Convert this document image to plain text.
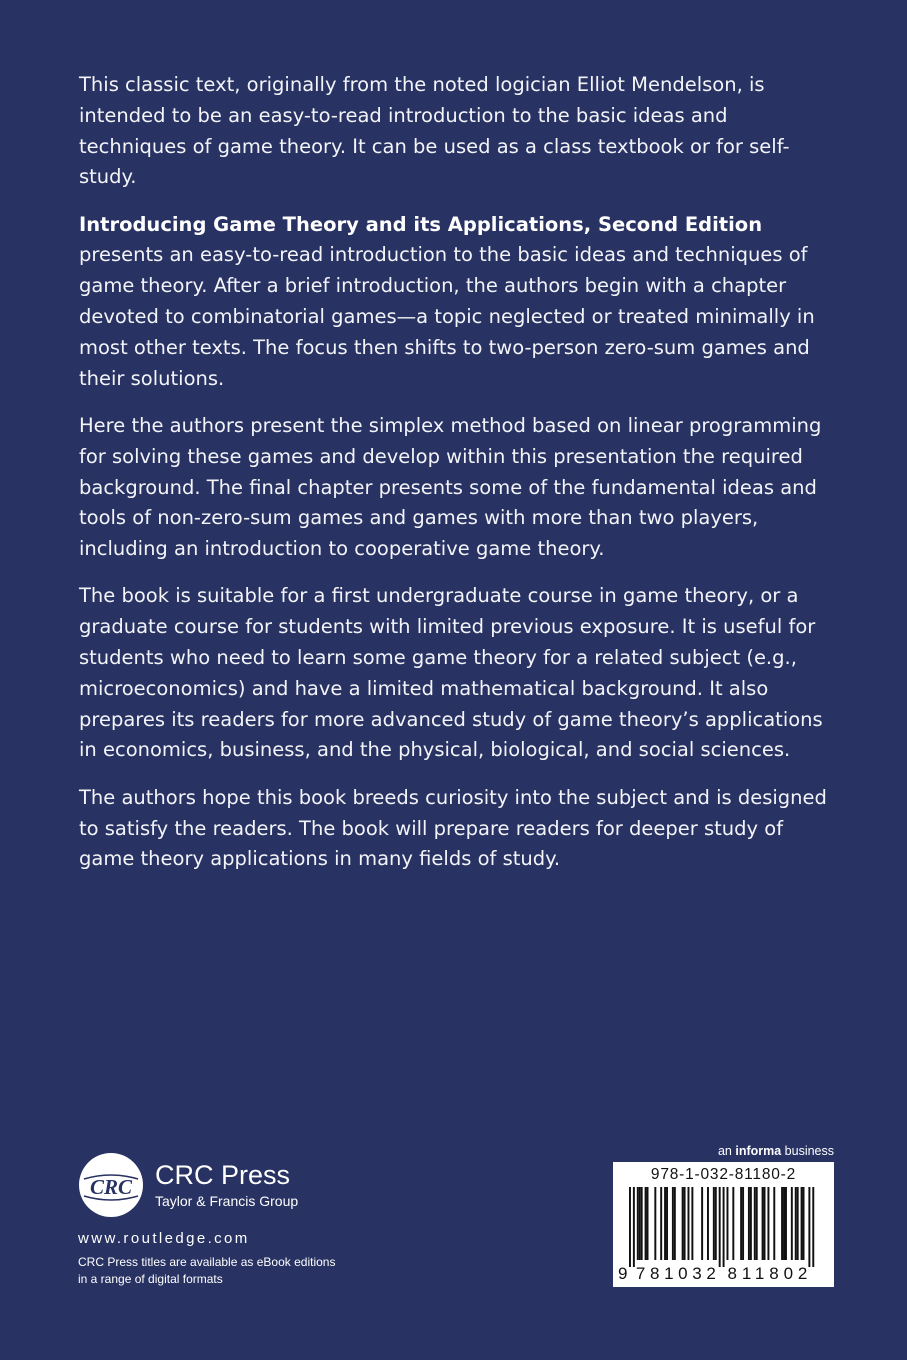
This classic text, originally from the noted logician Elliot Mendelson, is intended to be an easy-to-read introduction to the basic ideas and techniques of game theory. It can be used as a class textbook or for self-study.

Introducing Game Theory and its Applications, Second Edition presents an easy-to-read introduction to the basic ideas and techniques of game theory. After a brief introduction, the authors begin with a chapter devoted to combinatorial games—a topic neglected or treated minimally in most other texts. The focus then shifts to two-person zero-sum games and their solutions.

Here the authors present the simplex method based on linear programming for solving these games and develop within this presentation the required background. The final chapter presents some of the fundamental ideas and tools of non-zero-sum games and games with more than two players, including an introduction to cooperative game theory.

The book is suitable for a first undergraduate course in game theory, or a graduate course for students with limited previous exposure. It is useful for students who need to learn some game theory for a related subject (e.g., microeconomics) and have a limited mathematical background. It also prepares its readers for more advanced study of game theory’s applications in economics, business, and the physical, biological, and social sciences.

The authors hope this book breeds curiosity into the subject and is designed to satisfy the readers. The book will prepare readers for deeper study of game theory applications in many fields of study.

CRC CRC Press
Taylor & Francis Group
www.routledge.com
CRC Press titles are available as eBook editions in a range of digital formats
an informa business
978-1-032-81180-2
9 781032 811802
